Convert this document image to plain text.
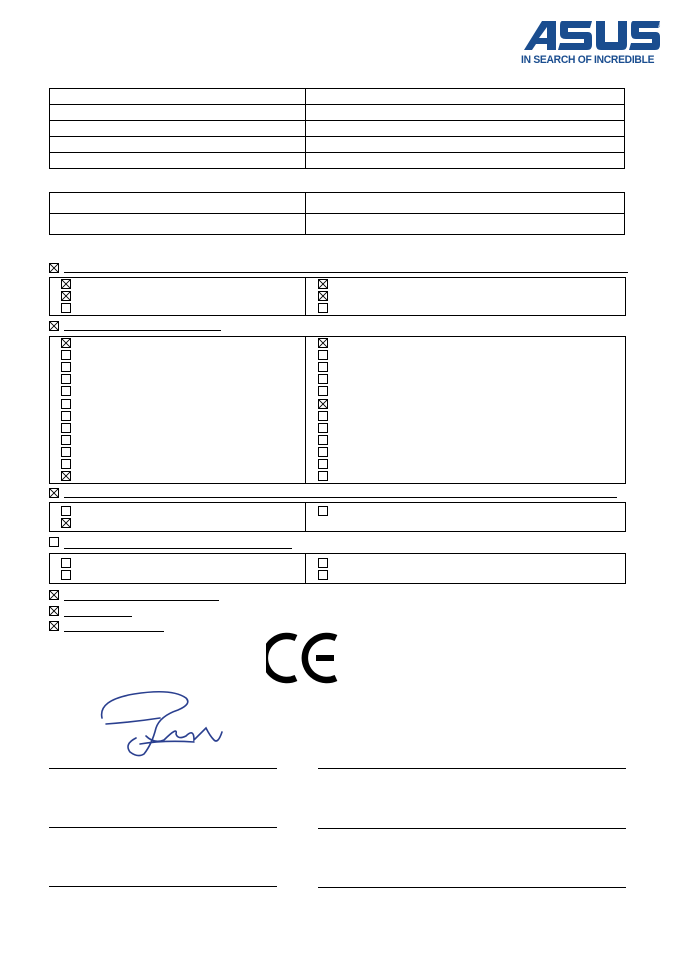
®
IN SEARCH OF INCREDIBLE
